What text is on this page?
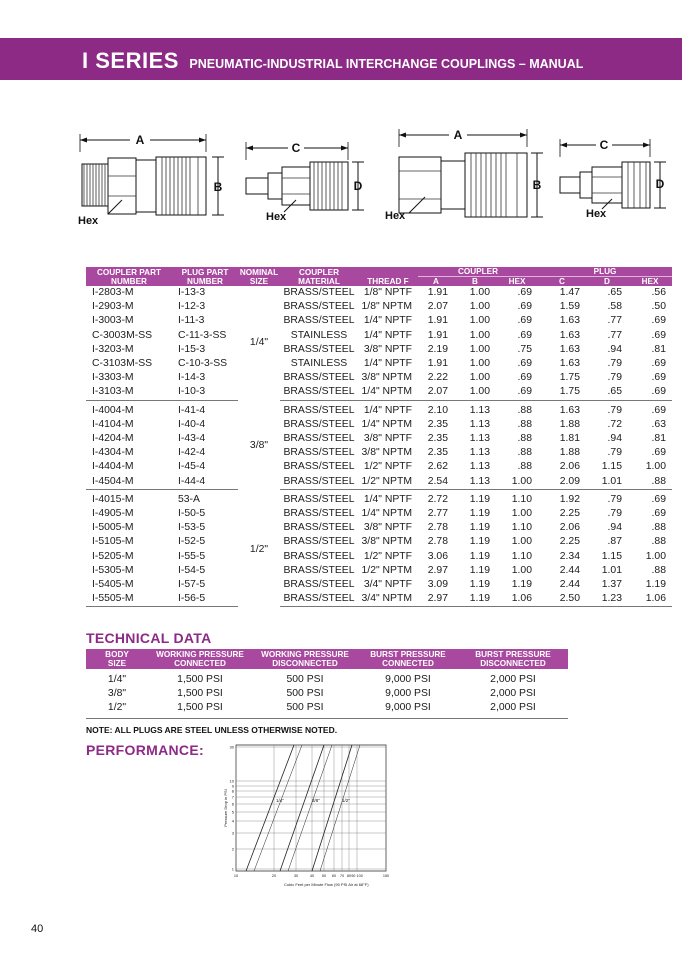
I SERIES PNEUMATIC-INDUSTRIAL INTERCHANGE COUPLINGS – MANUAL
A
B
Hex
C
D
Hex
A
B
Hex
C
D
Hex
COUPLER PART
NUMBER	PLUG PART
NUMBER	NOMINAL
SIZE	COUPLER
MATERIAL	THREAD F	COUPLER			PLUG		
					A	B	HEX	C	D	HEX
I-2803-M	I-13-3	1/4"	BRASS/STEEL	1/8" NPTF	1.91	1.00	.69	1.47	.65	.56
I-2903-M	I-12-3		BRASS/STEEL	1/8" NPTM	2.07	1.00	.69	1.59	.58	.50
I-3003-M	I-11-3		BRASS/STEEL	1/4" NPTF	1.91	1.00	.69	1.63	.77	.69
C-3003M-SS	C-11-3-SS		STAINLESS	1/4" NPTF	1.91	1.00	.69	1.63	.77	.69
I-3203-M	I-15-3		BRASS/STEEL	3/8" NPTF	2.19	1.00	.75	1.63	.94	.81
C-3103M-SS	C-10-3-SS		STAINLESS	1/4" NPTF	1.91	1.00	.69	1.63	.79	.69
I-3303-M	I-14-3		BRASS/STEEL	3/8" NPTM	2.22	1.00	.69	1.75	.79	.69
I-3103-M	I-10-3		BRASS/STEEL	1/4" NPTM	2.07	1.00	.69	1.75	.65	.69
I-4004-M	I-41-4	3/8"	BRASS/STEEL	1/4" NPTF	2.10	1.13	.88	1.63	.79	.69
I-4104-M	I-40-4		BRASS/STEEL	1/4" NPTM	2.35	1.13	.88	1.88	.72	.63
I-4204-M	I-43-4		BRASS/STEEL	3/8" NPTF	2.35	1.13	.88	1.81	.94	.81
I-4304-M	I-42-4		BRASS/STEEL	3/8" NPTM	2.35	1.13	.88	1.88	.79	.69
I-4404-M	I-45-4		BRASS/STEEL	1/2" NPTF	2.62	1.13	.88	2.06	1.15	1.00
I-4504-M	I-44-4		BRASS/STEEL	1/2" NPTM	2.54	1.13	1.00	2.09	1.01	.88
I-4015-M	53-A	1/2"	BRASS/STEEL	1/4" NPTF	2.72	1.19	1.10	1.92	.79	.69
I-4905-M	I-50-5		BRASS/STEEL	1/4" NPTM	2.77	1.19	1.00	2.25	.79	.69
I-5005-M	I-53-5		BRASS/STEEL	3/8" NPTF	2.78	1.19	1.10	2.06	.94	.88
I-5105-M	I-52-5		BRASS/STEEL	3/8" NPTM	2.78	1.19	1.00	2.25	.87	.88
I-5205-M	I-55-5		BRASS/STEEL	1/2" NPTF	3.06	1.19	1.10	2.34	1.15	1.00
I-5305-M	I-54-5		BRASS/STEEL	1/2" NPTM	2.97	1.19	1.00	2.44	1.01	.88
I-5405-M	I-57-5		BRASS/STEEL	3/4" NPTF	3.09	1.19	1.19	2.44	1.37	1.19
I-5505-M	I-56-5		BRASS/STEEL	3/4" NPTM	2.97	1.19	1.06	2.50	1.23	1.06
TECHNICAL DATA
BODY
SIZE	WORKING PRESSURE
CONNECTED	WORKING PRESSURE
DISCONNECTED	BURST PRESSURE
CONNECTED	BURST PRESSURE
DISCONNECTED
1/4"	1,500 PSI	500 PSI	9,000 PSI	2,000 PSI
3/8"	1,500 PSI	500 PSI	9,000 PSI	2,000 PSI
1/2"	1,500 PSI	500 PSI	9,000 PSI	2,000 PSI
NOTE: ALL PLUGS ARE STEEL UNLESS OTHERWISE NOTED.
PERFORMANCE:	30
10
9
8
7
6
5
4
3
2
1
10	20	30	40 50 60 70 80 90 100	150
1/4"	3/8"	1/2"
Pressure Drop in PSI
Cubic Feet per Minute Flow (90 PSI Air at 68°F)
40
